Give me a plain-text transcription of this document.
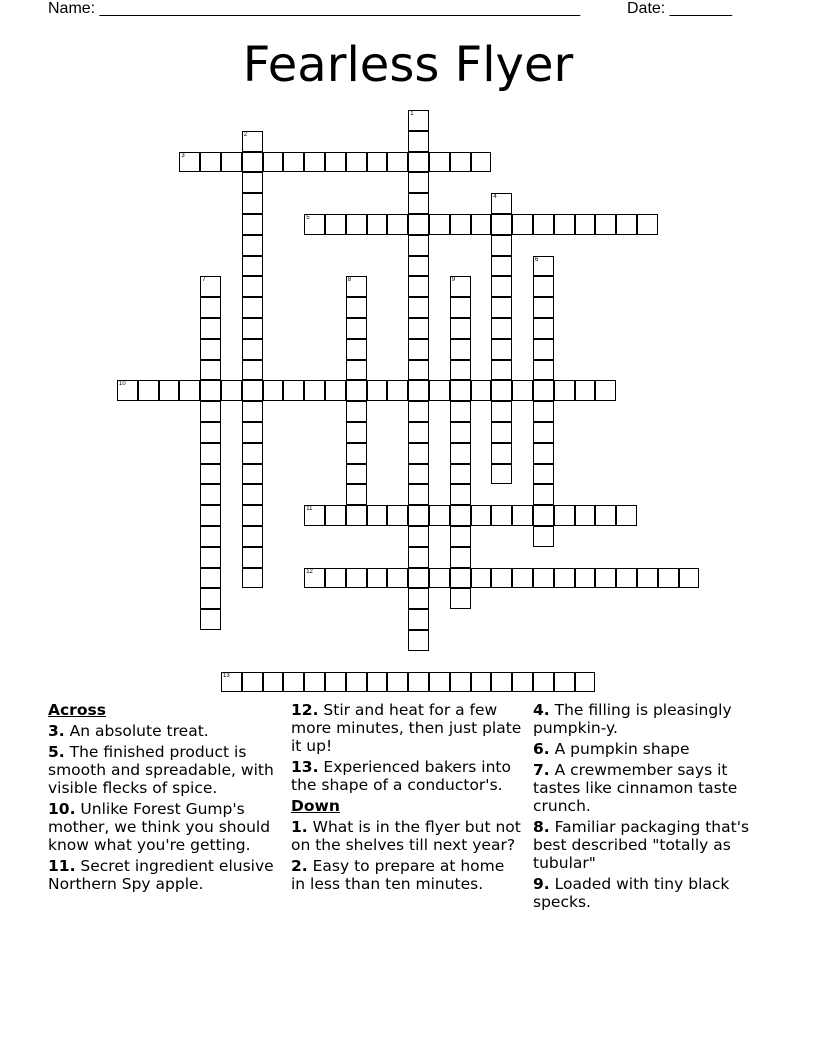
Name: ______________________________________________________	Date: _______
Fearless Flyer
1
2
3
4
5
6
7	8	9
10
11
12
13
Across
3. An absolute treat.
5. The finished product is smooth and spreadable, with visible flecks of spice.
10. Unlike Forest Gump's mother, we think you should know what you're getting.
11. Secret ingredient elusive Northern Spy apple.
12. Stir and heat for a few more minutes, then just plate it up!
13. Experienced bakers into the shape of a conductor's.
Down
1. What is in the flyer but not on the shelves till next year?
2. Easy to prepare at home in less than ten minutes.
4. The filling is pleasingly pumpkin-y.
6. A pumpkin shape
7. A crewmember says it tastes like cinnamon taste crunch.
8. Familiar packaging that's best described "totally as tubular"
9. Loaded with tiny black specks.
